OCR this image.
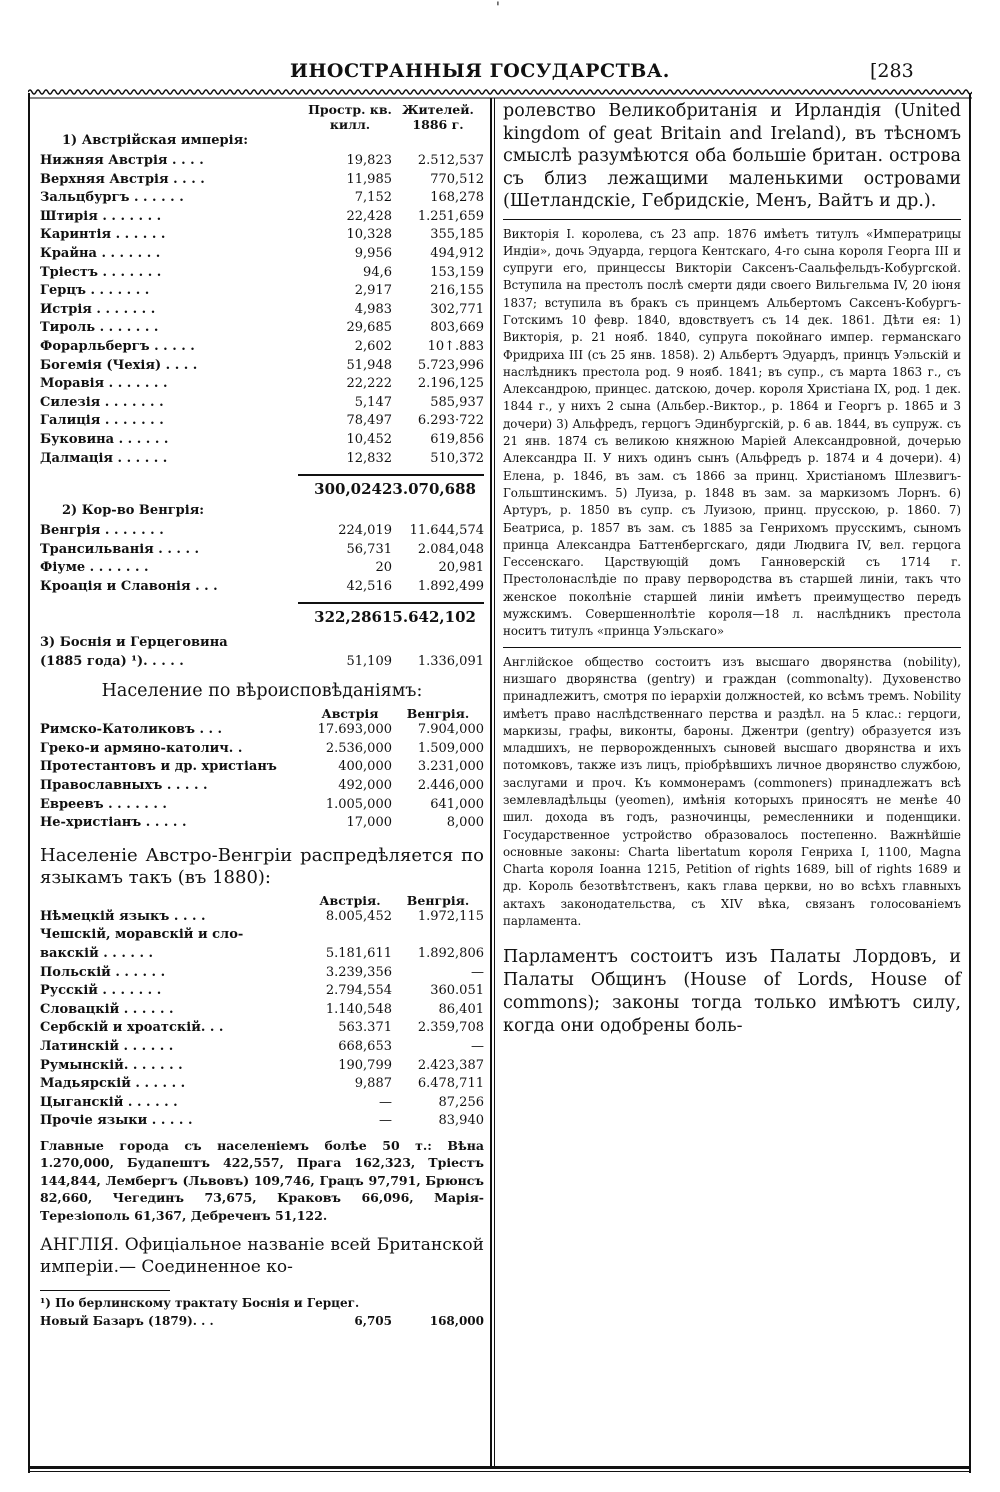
'
ИНОСТРАННЫЯ ГОСУДАРСТВА.	[283
Простр. кв. килл.
Жителей. 1886 г.
1) Австрійская имперія:
Нижняя Австрія . . . .	19,823	2.512,537
Верхняя Австрія . . . .	11,985	770,512
Зальцбургъ . . . . . .	7,152	168,278
Штирія . . . . . . .	22,428	1.251,659
Каринтія . . . . . .	10,328	355,185
Крайна . . . . . . .	9,956	494,912
Тріестъ . . . . . . .	94,6	153,159
Герцъ . . . . . . .	2,917	216,155
Истрія . . . . . . .	4,983	302,771
Тироль . . . . . . .	29,685	803,669
Форарльбергъ . . . . .	2,602	10↑.883
Богемія (Чехія) . . . .	51,948	5.723,996
Моравія . . . . . . .	22,222	2.196,125
Силезія . . . . . . .	5,147	585,937
Галиція . . . . . . .	78,497	6.293·722
Буковина . . . . . .	10,452	619,856
Далмація . . . . . .	12,832	510,372
300,024 23.070,688
2) Кор-во Венгрія:
Венгрія . . . . . . .	224,019	11.644,574
Трансильванія . . . . .	56,731	2.084,048
Фіуме . . . . . . .	20	20,981
Кроація и Славонія . . .	42,516	1.892,499
322,286 15.642,102
3) Боснія и Герцеговина
(1885 года) ¹). . . . .	51,109	1.336,091
Население по вѣроисповѣданіямъ:
Австрія	Венгрія.
Римско-Католиковъ . . .	17.693,000	7.904,000
Греко-и армяно-католич. .	2.536,000	1.509,000
Протестантовъ и др. христіанъ	400,000	3.231,000
Православныхъ . . . . .	492,000	2.446,000
Евреевъ . . . . . . .	1.005,000	641,000
Не-христіанъ . . . . .	17,000	8,000
Населеніе Австро-Венгріи распредѣляется по языкамъ такъ (въ 1880):
Австрія.	Венгрія.
Нѣмецкій языкъ . . . .	8.005,452	1.972,115
Чешскій, моравскій и сло-
вакскій . . . . . .	5.181,611	1.892,806
Польскій . . . . . .	3.239,356	—
Русскій . . . . . . .	2.794,554	360.051
Словацкій . . . . . .	1.140,548	86,401
Сербскій и хроатскій. . .	563.371	2.359,708
Латинскій . . . . . .	668,653	—
Румынскій. . . . . . .	190,799	2.423,387
Мадьярскій . . . . . .	9,887	6.478,711
Цыганскій . . . . . .	—	87,256
Прочіе языки . . . . .	—	83,940
Главные города съ населеніемъ болѣе 50 т.: Вѣна 1.270,000, Будапештъ 422,557, Прага 162,323, Тріестъ 144,844, Лембергъ (Львовъ) 109,746, Грацъ 97,791, Брюнсъ 82,660, Чегединъ 73,675, Краковъ 66,096, Марія-Терезіополь 61,367, Дебреченъ 51,122.
АНГЛІЯ. Офиціальное названіе всей Британской имперіи.— Соединенное ко-
¹) По берлинскому трактату Боснія и Герцег.
Новый Базаръ (1879). . .	6,705	168,000
ролевство Великобританія и Ирландія (United kingdom of geat Britain and Ireland), въ тѣсномъ смыслѣ разумѣются оба большіе британ. острова съ близ лежащими маленькими островами (Шетландскіе, Гебридскіе, Менъ, Вайтъ и др.).
Викторія I. королева, съ 23 апр. 1876 имѣетъ титулъ «Императрицы Индіи», дочь Эдуарда, герцога Кентскаго, 4-го сына короля Георга III и супруги его, принцессы Викторіи Саксенъ-Саальфельдъ-Кобургской. Вступила на престолъ послѣ смерти дяди своего Вильгельма IV, 20 іюня 1837; вступила въ бракъ съ принцемъ Альбертомъ Саксенъ-Кобургъ-Готскимъ 10 февр. 1840, вдовствуетъ съ 14 дек. 1861. Дѣти ея: 1) Викторія, р. 21 нояб. 1840, супруга покойнаго импер. германскаго Фридриха III (съ 25 янв. 1858). 2) Альбертъ Эдуардъ, принцъ Уэльскій и наслѣдникъ престола род. 9 нояб. 1841; въ супр., съ марта 1863 г., съ Александрою, принцес. датскою, дочер. короля Христіана IX, род. 1 дек. 1844 г., у нихъ 2 сына (Альбер.-Виктор., р. 1864 и Георгъ р. 1865 и 3 дочери) 3) Альфредъ, герцогъ Эдинбургскій, р. 6 ав. 1844, въ супруж. съ 21 янв. 1874 съ великою княжною Маріей Александровной, дочерью Александра II. У нихъ одинъ сынъ (Альфредъ р. 1874 и 4 дочери). 4) Елена, р. 1846, въ зам. съ 1866 за принц. Христіаномъ Шлезвигъ-Гольштинскимъ. 5) Луиза, р. 1848 въ зам. за маркизомъ Лорнъ. 6) Артуръ, р. 1850 въ супр. съ Луизою, принц. прусскою, р. 1860. 7) Беатриса, р. 1857 въ зам. съ 1885 за Генрихомъ прусскимъ, сыномъ принца Александра Баттенбергскаго, дяди Людвига IV, вел. герцога Гессенскаго. Царствующій домъ Ганноверскій съ 1714 г. Престолонаслѣдіе по праву первородства въ старшей линіи, такъ что женское поколѣніе старшей линіи имѣетъ преимущество передъ мужскимъ. Совершеннолѣтіе короля—18 л. наслѣдникъ престола носитъ титулъ «принца Уэльскаго»
Англійское общество состоитъ изъ высшаго дворянства (nobility), низшаго дворянства (gentry) и граждан (commonalty). Духовенство принадлежитъ, смотря по іерархіи должностей, ко всѣмъ тремъ. Nobility имѣетъ право наслѣдственнаго перства и раздѣл. на 5 клас.: герцоги, маркизы, графы, виконты, бароны. Джентри (gentry) образуется изъ младшихъ, не перворожденныхъ сыновей высшаго дворянства и ихъ потомковъ, также изъ лицъ, пріобрѣвшихъ личное дворянство службою, заслугами и проч. Къ коммонерамъ (commoners) принадлежатъ всѣ землевладѣльцы (yeomen), имѣнія которыхъ приносятъ не менѣе 40 шил. дохода въ годъ, разночинцы, ремесленники и поденщики. Государственное устройство образовалось постепенно. Важнѣйшіе основные законы: Charta libertatum короля Генриха I, 1100, Magna Charta короля Іоанна 1215, Petition of rights 1689, bill of rights 1689 и др. Король безотвѣтственъ, какъ глава церкви, но во всѣхъ главныхъ актахъ законодательства, съ XIV вѣка, связанъ голосованіемъ парламента.
Парламентъ состоитъ изъ Палаты Лордовъ, и Палаты Общинъ (House of Lords, House of commons); законы тогда только имѣютъ силу, когда они одобрены боль-
